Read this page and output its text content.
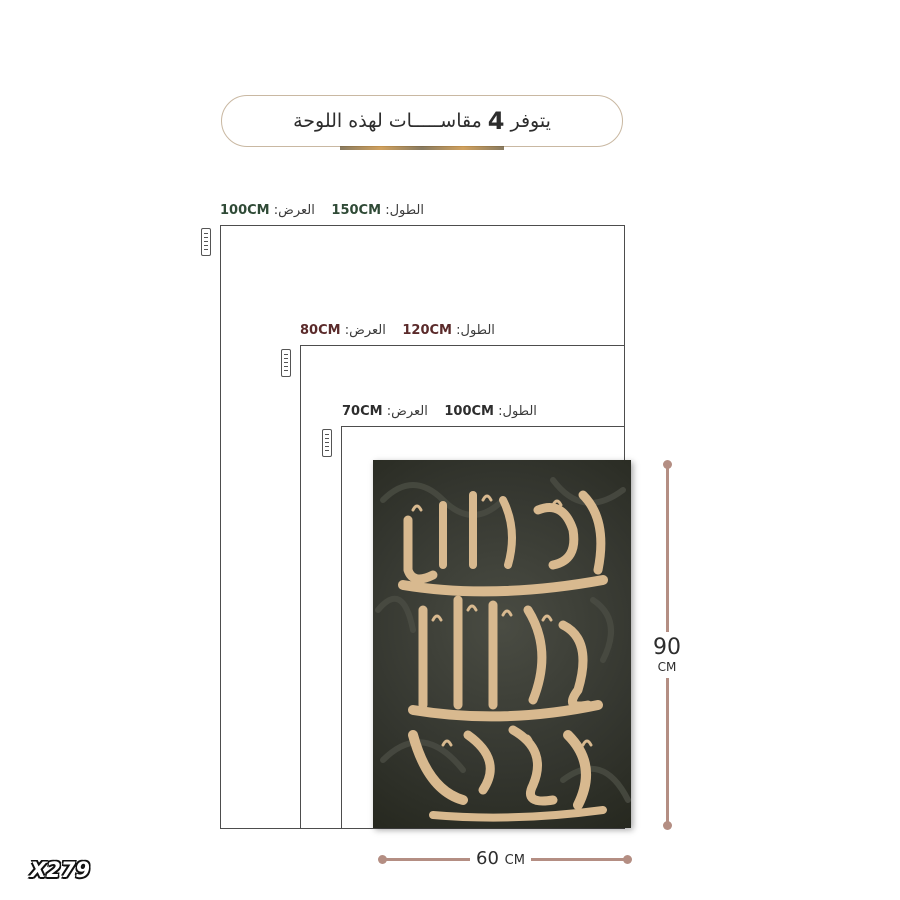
يتوفر
4
مقاســـــات لهذه اللوحة
الطول: 150CM    العرض: 100CM
الطول: 120CM    العرض: 80CM
الطول: 100CM    العرض: 70CM
90
CM
60 CM
X279
